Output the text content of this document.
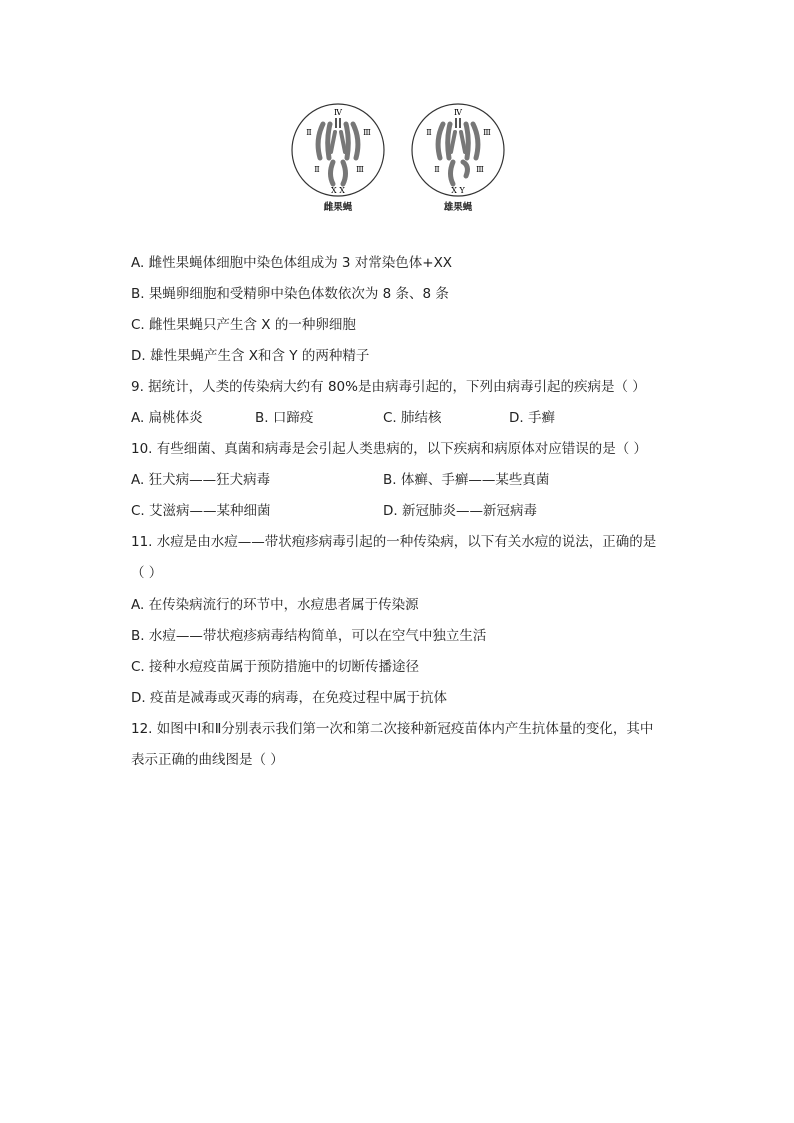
Ⅳ
Ⅱ	Ⅲ
Ⅱ	Ⅲ
X X
雌果蝇
Ⅳ
Ⅱ	Ⅲ
Ⅱ	Ⅲ
X Y
雄果蝇
A. 雌性果蝇体细胞中染色体组成为 3 对常染色体+XX
B. 果蝇卵细胞和受精卵中染色体数依次为 8 条、8 条
C. 雌性果蝇只产生含 X 的一种卵细胞
D. 雄性果蝇产生含 X和含 Y 的两种精子
9. 据统计，人类的传染病大约有 80%是由病毒引起的，下列由病毒引起的疾病是（ ）
A. 扁桃体炎	B. 口蹄疫	C. 肺结核	D. 手癣
10. 有些细菌、真菌和病毒是会引起人类患病的，以下疾病和病原体对应错误的是（ ）
A. 狂犬病——狂犬病毒	B. 体癣、手癣——某些真菌
C. 艾滋病——某种细菌	D. 新冠肺炎——新冠病毒
11. 水痘是由水痘——带状疱疹病毒引起的一种传染病，以下有关水痘的说法，正确的是
（ ）
A. 在传染病流行的环节中，水痘患者属于传染源
B. 水痘——带状疱疹病毒结构简单，可以在空气中独立生活
C. 接种水痘疫苗属于预防措施中的切断传播途径
D. 疫苗是减毒或灭毒的病毒，在免疫过程中属于抗体
12. 如图中Ⅰ和Ⅱ分别表示我们第一次和第二次接种新冠疫苗体内产生抗体量的变化，其中
表示正确的曲线图是（ ）
